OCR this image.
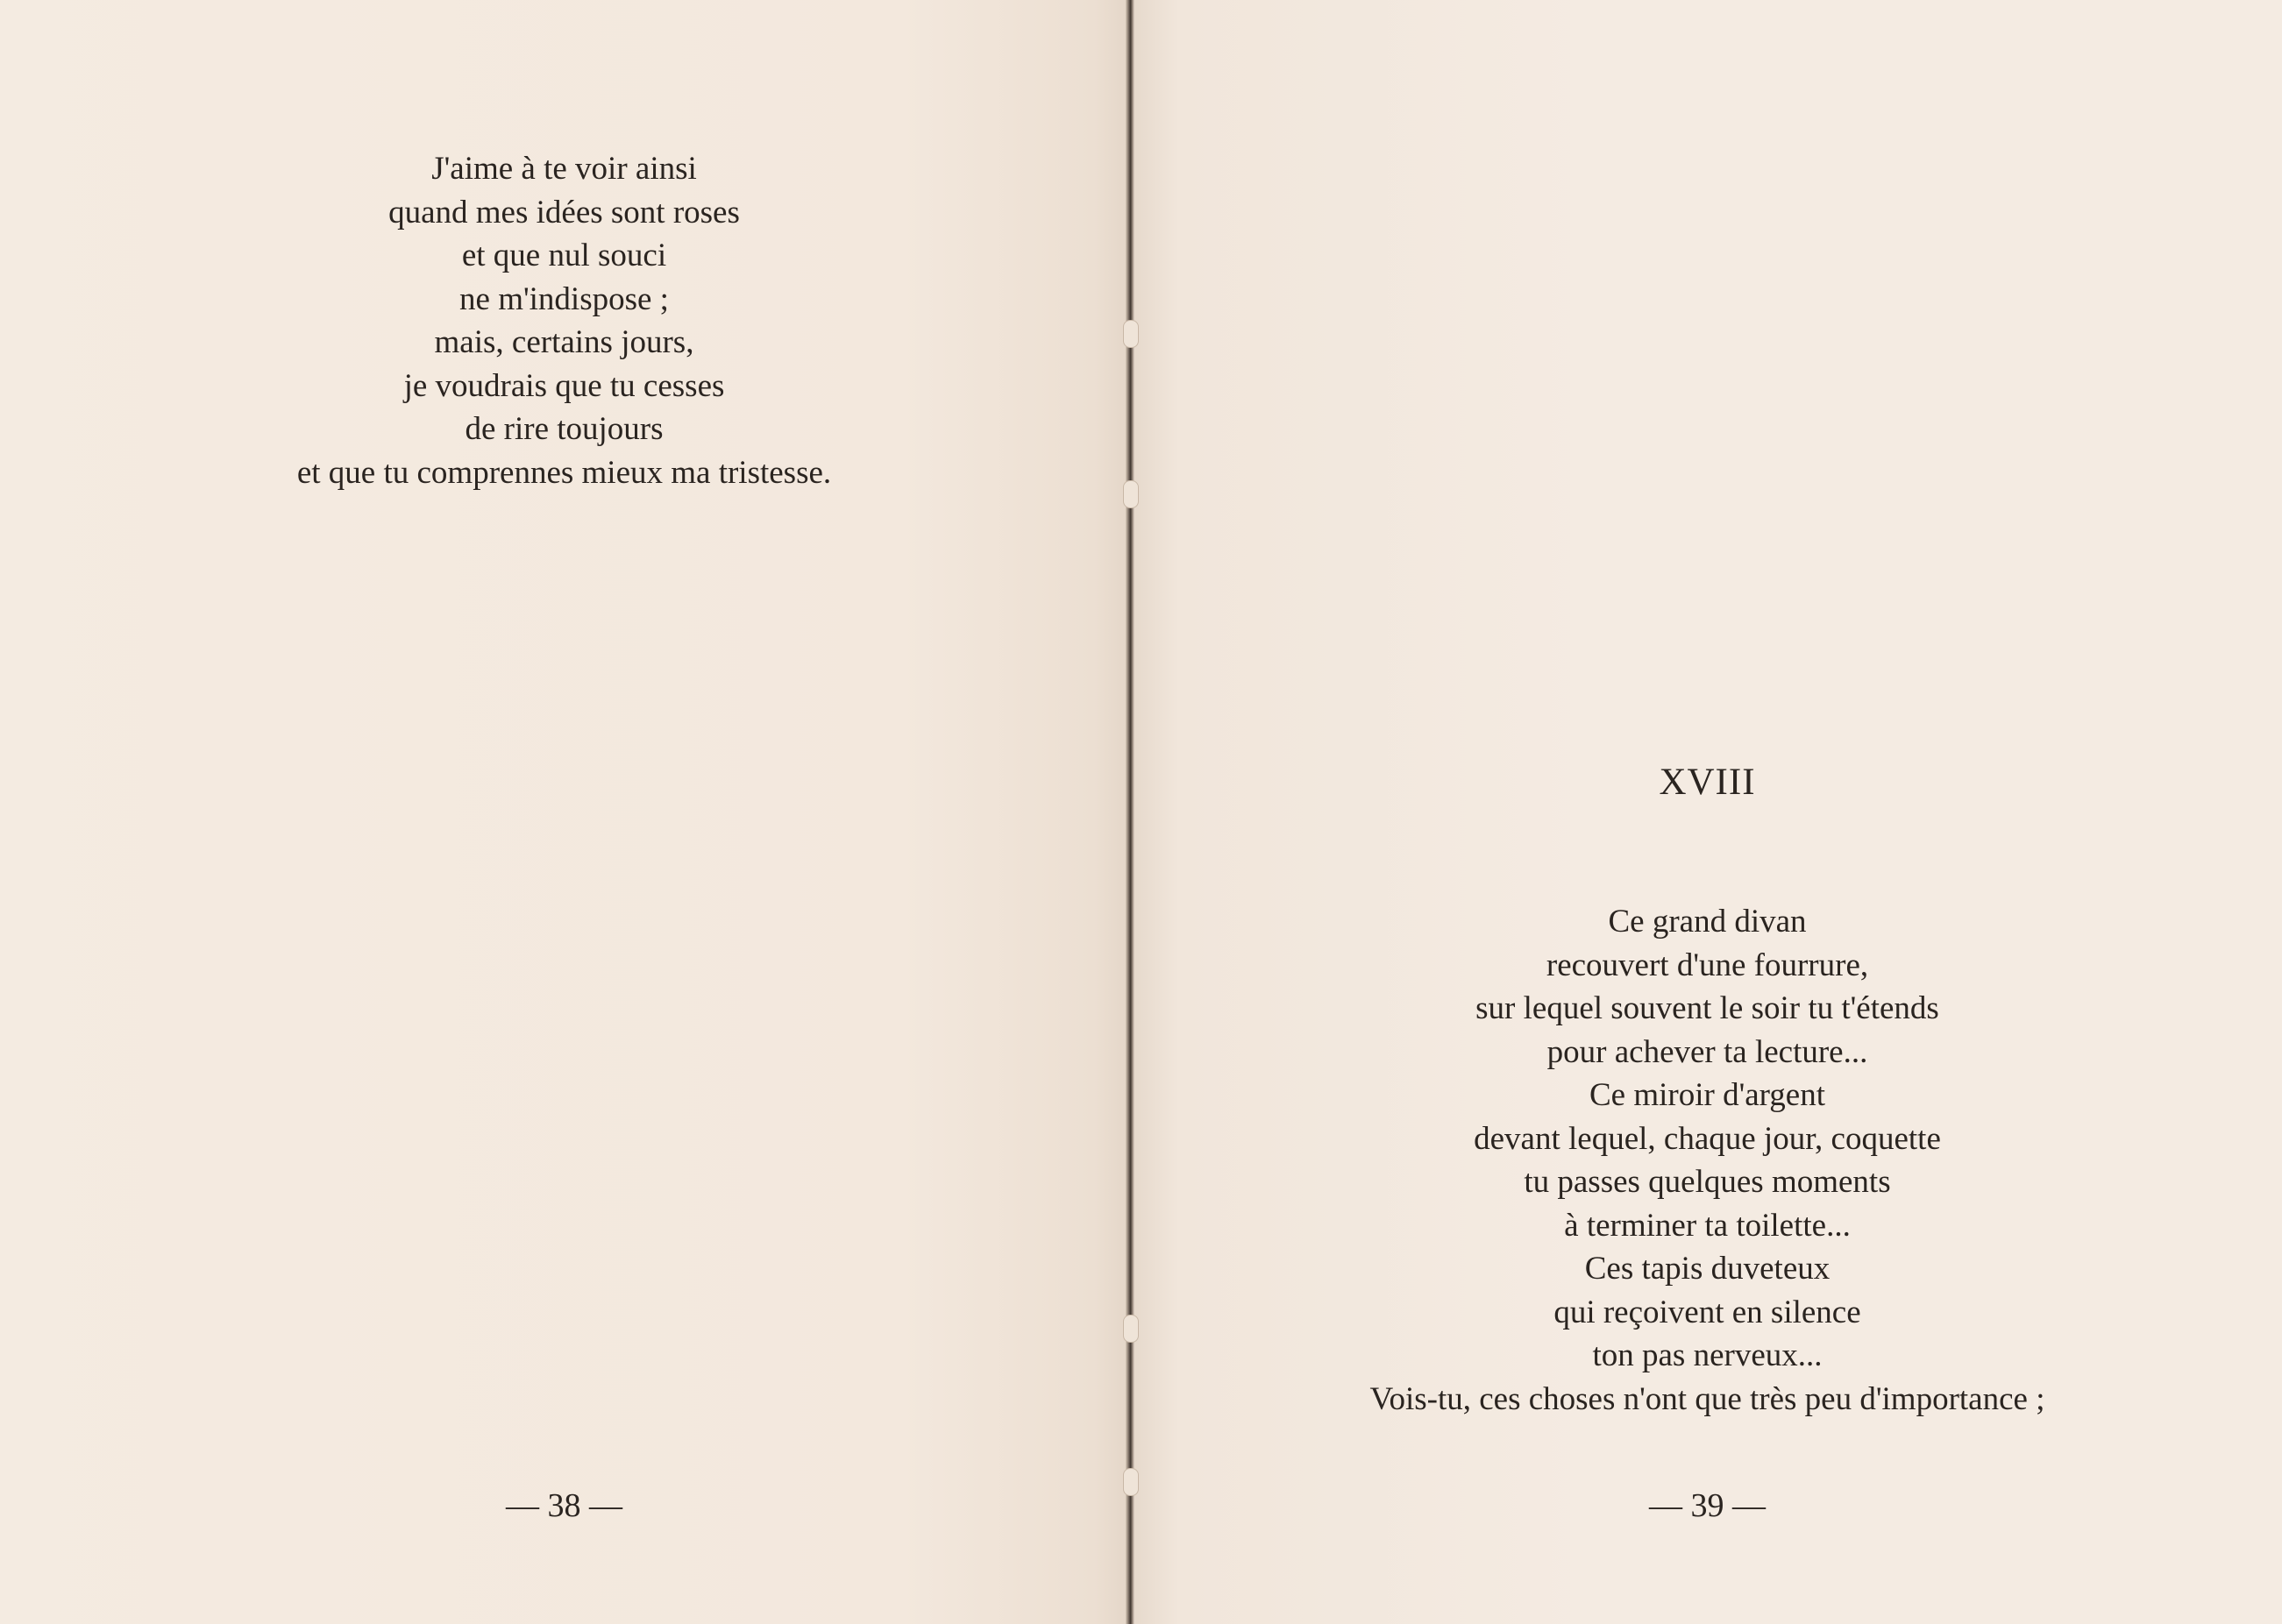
J'aime à te voir ainsi
quand mes idées sont roses
et que nul souci
ne m'indispose ;
mais, certains jours,
je voudrais que tu cesses
de rire toujours
et que tu comprennes mieux ma tristesse.
— 38 —
XVIII
Ce grand divan
recouvert d'une fourrure,
sur lequel souvent le soir tu t'étends
pour achever ta lecture...
Ce miroir d'argent
devant lequel, chaque jour, coquette
tu passes quelques moments
à terminer ta toilette...
Ces tapis duveteux
qui reçoivent en silence
ton pas nerveux...
Vois-tu, ces choses n'ont que très peu d'importance ;
— 39 —
